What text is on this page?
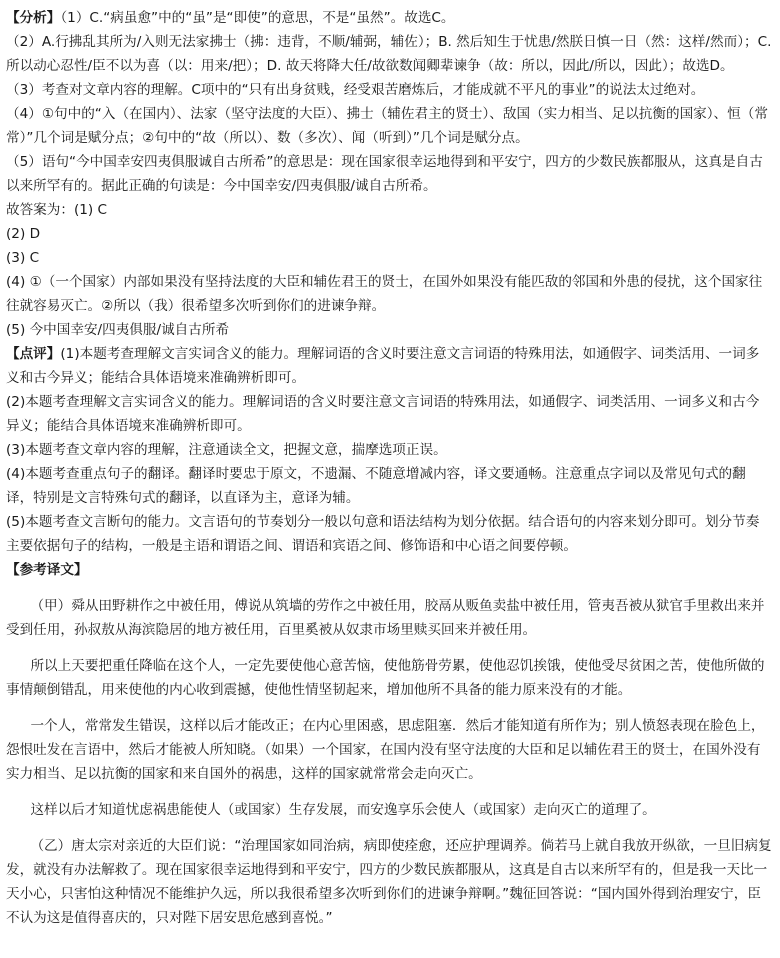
【分析】（1）C.“病虽愈”中的“虽”是“即使”的意思，不是“虽然”。故选C。

（2）A.行拂乱其所为/入则无法家拂士（拂：违背，不顺/辅弼，辅佐）；B. 然后知生于忧患/然朕日慎一日（然：这样/然而）；C. 所以动心忍性/臣不以为喜（以：用来/把）；D. 故天将降大任/故欲数闻卿辈谏争（故：所以，因此/所以，因此）；故选D。

（3）考查对文章内容的理解。C项中的“只有出身贫贱，经受艰苦磨炼后，才能成就不平凡的事业”的说法太过绝对。

（4）①句中的“入（在国内）、法家（坚守法度的大臣）、拂士（辅佐君主的贤士）、敌国（实力相当、足以抗衡的国家）、恒（常常）”几个词是赋分点；②句中的“故（所以）、数（多次）、闻（听到）”几个词是赋分点。

（5）语句“今中国幸安四夷俱服诚自古所希”的意思是：现在国家很幸运地得到和平安宁，四方的少数民族都服从，这真是自古以来所罕有的。据此正确的句读是：今中国幸安/四夷俱服/诚自古所希。

故答案为：(1) C

(2) D

(3) C

(4) ①（一个国家）内部如果没有坚持法度的大臣和辅佐君王的贤士，在国外如果没有能匹敌的邻国和外患的侵扰，这个国家往往就容易灭亡。②所以（我）很希望多次听到你们的进谏争辩。

(5) 今中国幸安/四夷俱服/诚自古所希

【点评】(1)本题考查理解文言实词含义的能力。理解词语的含义时要注意文言词语的特殊用法，如通假字、词类活用、一词多义和古今异义；能结合具体语境来准确辨析即可。

(2)本题考查理解文言实词含义的能力。理解词语的含义时要注意文言词语的特殊用法，如通假字、词类活用、一词多义和古今异义；能结合具体语境来准确辨析即可。

(3)本题考查文章内容的理解，注意通读全文，把握文意，揣摩选项正误。

(4)本题考查重点句子的翻译。翻译时要忠于原文，不遗漏、不随意增减内容，译文要通畅。注意重点字词以及常见句式的翻译，特别是文言特殊句式的翻译，以直译为主，意译为辅。

(5)本题考查文言断句的能力。文言语句的节奏划分一般以句意和语法结构为划分依据。结合语句的内容来划分即可。划分节奏主要依据句子的结构，一般是主语和谓语之间、谓语和宾语之间、修饰语和中心语之间要停顿。

【参考译文】

（甲）舜从田野耕作之中被任用，傅说从筑墙的劳作之中被任用，胶鬲从贩鱼卖盐中被任用，管夷吾被从狱官手里救出来并受到任用，孙叔敖从海滨隐居的地方被任用，百里奚被从奴隶市场里赎买回来并被任用。

所以上天要把重任降临在这个人，一定先要使他心意苦恼，使他筋骨劳累，使他忍饥挨饿，使他受尽贫困之苦，使他所做的事情颠倒错乱，用来使他的内心收到震撼，使他性情坚韧起来，增加他所不具备的能力原来没有的才能。

一个人，常常发生错误，这样以后才能改正；在内心里困惑，思虑阻塞．然后才能知道有所作为；别人愤怒表现在脸色上，怨恨吐发在言语中，然后才能被人所知晓。（如果）一个国家，在国内没有坚守法度的大臣和足以辅佐君王的贤士，在国外没有实力相当、足以抗衡的国家和来自国外的祸患，这样的国家就常常会走向灭亡。

这样以后才知道忧虑祸患能使人（或国家）生存发展，而安逸享乐会使人（或国家）走向灭亡的道理了。

（乙）唐太宗对亲近的大臣们说：“治理国家如同治病，病即使痊愈，还应护理调养。倘若马上就自我放开纵欲，一旦旧病复发，就没有办法解救了。现在国家很幸运地得到和平安宁，四方的少数民族都服从，这真是自古以来所罕有的，但是我一天比一天小心，只害怕这种情况不能维护久远，所以我很希望多次听到你们的进谏争辩啊。”魏征回答说：“国内国外得到治理安宁，臣不认为这是值得喜庆的，只对陛下居安思危感到喜悦。”
